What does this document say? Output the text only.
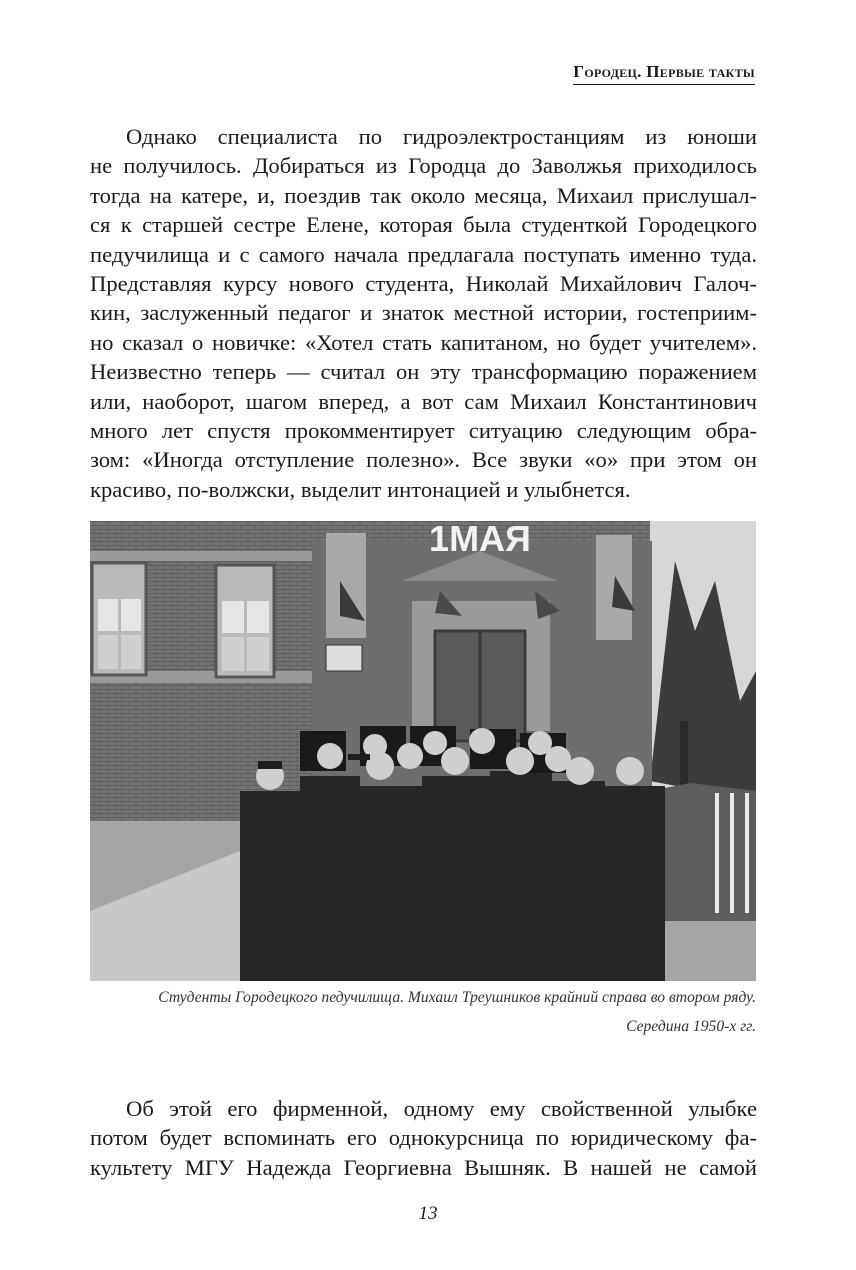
Городец. Первые такты
Однако специалиста по гидроэлектростанциям из юноши
не получилось. Добираться из Городца до Заволжья приходилось
тогда на катере, и, поездив так около месяца, Михаил прислушал-
ся к старшей сестре Елене, которая была студенткой Городецкого
педучилища и с самого начала предлагала поступать именно туда.
Представляя курсу нового студента, Николай Михайлович Галоч-
кин, заслуженный педагог и знаток местной истории, гостеприим-
но сказал о новичке: «Хотел стать капитаном, но будет учителем».
Неизвестно теперь — считал он эту трансформацию поражением
или, наоборот, шагом вперед, а вот сам Михаил Константинович
много лет спустя прокомментирует ситуацию следующим обра-
зом: «Иногда отступление полезно». Все звуки «о» при этом он
красиво, по-волжски, выделит интонацией и улыбнется.
1МАЯ
Студенты Городецкого педучилища. Михаил Треушников крайний справа во втором ряду.
Середина 1950-х гг.
Об этой его фирменной, одному ему свойственной улыбке
потом будет вспоминать его однокурсница по юридическому фа-
культету МГУ Надежда Георгиевна Вышняк. В нашей не самой
13
